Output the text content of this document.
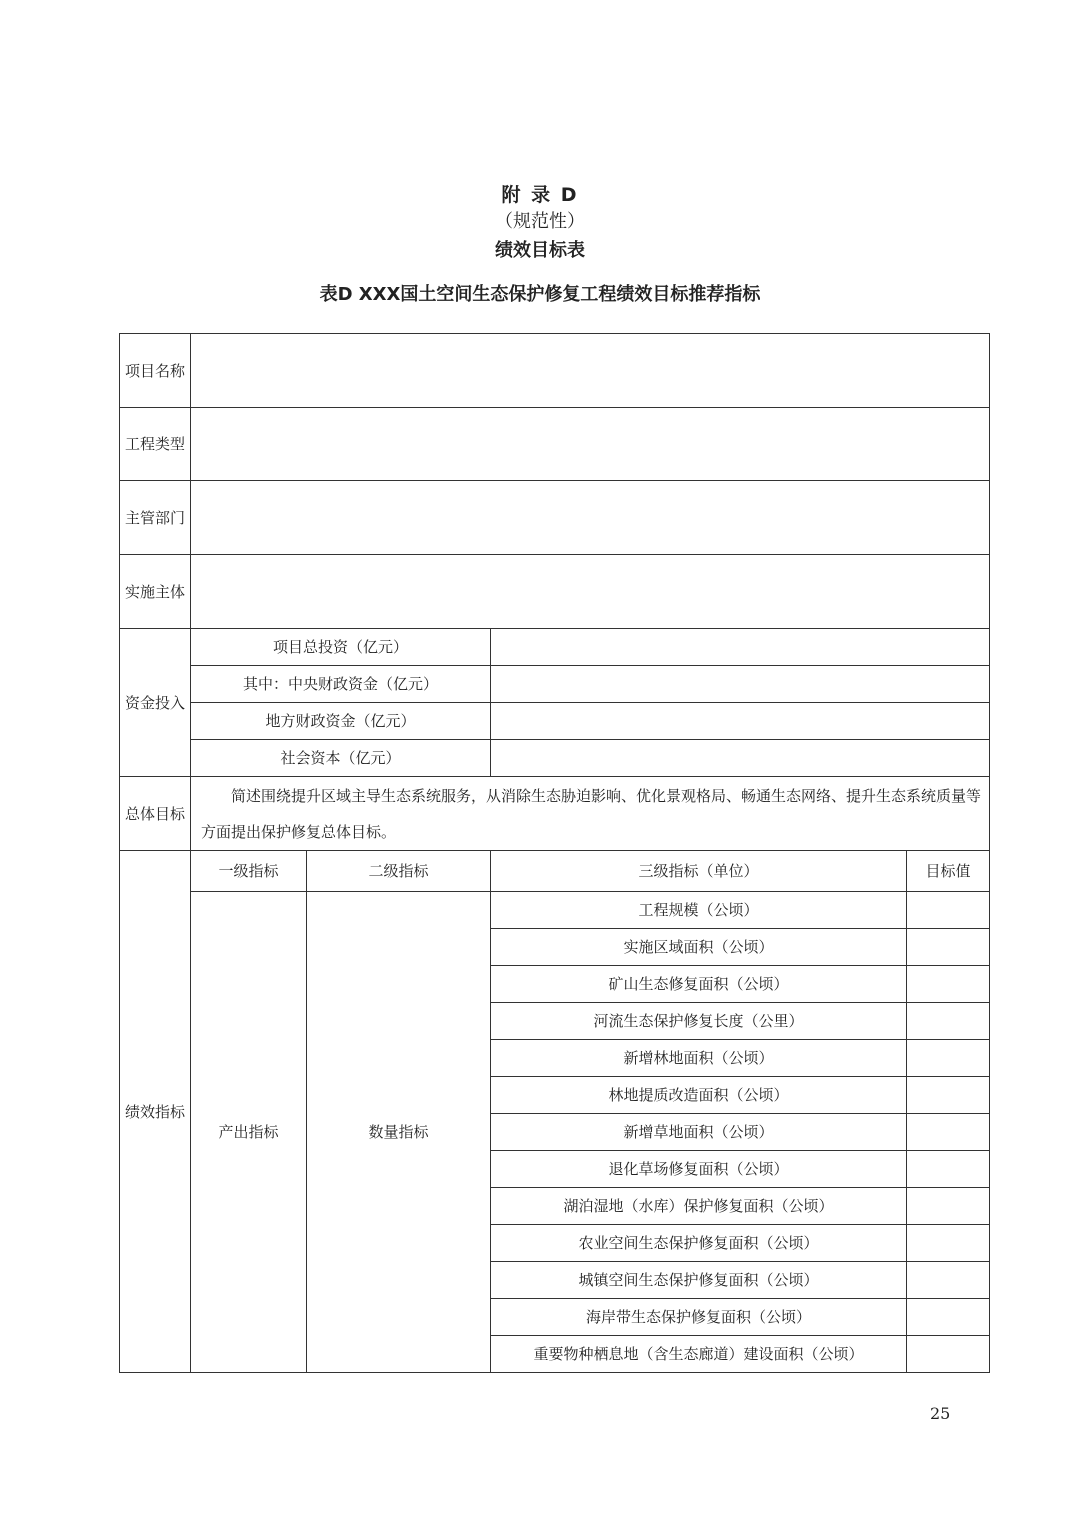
附 录 D
（规范性）
绩效目标表
表D XXX国土空间生态保护修复工程绩效目标推荐指标
项目名称				
工程类型				
主管部门				
实施主体				
资金投入	项目总投资（亿元）			
	其中：中央财政资金（亿元）			
	地方财政资金（亿元）			
	社会资本（亿元）			
总体目标	简述围绕提升区域主导生态系统服务，从消除生态胁迫影响、优化景观格局、畅通生态网络、提升生态系统质量等方面提出保护修复总体目标。			
绩效指标	一级指标	二级指标	三级指标（单位）	目标值
	产出指标	数量指标	工程规模（公顷）	
			实施区域面积（公顷）	
			矿山生态修复面积（公顷）	
			河流生态保护修复长度（公里）	
			新增林地面积（公顷）	
			林地提质改造面积（公顷）	
			新增草地面积（公顷）	
			退化草场修复面积（公顷）	
			湖泊湿地（水库）保护修复面积（公顷）	
			农业空间生态保护修复面积（公顷）	
			城镇空间生态保护修复面积（公顷）	
			海岸带生态保护修复面积（公顷）	
			重要物种栖息地（含生态廊道）建设面积（公顷）	
25
